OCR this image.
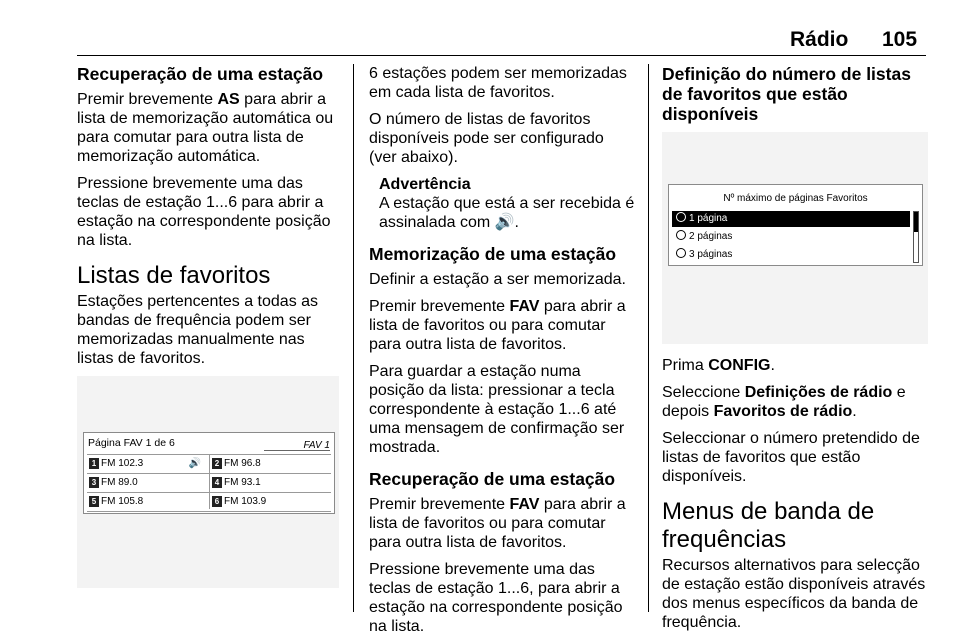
Rádio 105
Recuperação de uma estação

Premir brevemente AS para abrir a lista de memorização automática ou para comutar para outra lista de memorização automática.

Pressione brevemente uma das teclas de estação 1...6 para abrir a estação na correspondente posição na lista.

Listas de favoritos

Estações pertencentes a todas as bandas de frequência podem ser memorizadas manualmente nas listas de favoritos.

Página FAV 1 de 6	FAV 1
1 FM 102.3	🔊	2 FM 96.8
3 FM 89.0	4 FM 93.1
5 FM 105.8	6 FM 103.9

6 estações podem ser memorizadas em cada lista de favoritos.

O número de listas de favoritos disponíveis pode ser configurado (ver abaixo).

Advertência

A estação que está a ser recebida é assinalada com 🔊.

Memorização de uma estação

Definir a estação a ser memorizada.

Premir brevemente FAV para abrir a lista de favoritos ou para comutar para outra lista de favoritos.

Para guardar a estação numa posição da lista: pressionar a tecla correspondente à estação 1...6 até uma mensagem de confirmação ser mostrada.

Recuperação de uma estação

Premir brevemente FAV para abrir a lista de favoritos ou para comutar para outra lista de favoritos.

Pressione brevemente uma das teclas de estação 1...6, para abrir a estação na correspondente posição na lista.

Definição do número de listas de favoritos que estão disponíveis
Nº máximo de páginas Favoritos
1 página
2 páginas
3 páginas

Prima CONFIG.

Seleccione Definições de rádio e depois Favoritos de rádio.

Seleccionar o número pretendido de listas de favoritos que estão disponíveis.

Menus de banda de frequências

Recursos alternativos para selecção de estação estão disponíveis através dos menus específicos da banda de frequência.
